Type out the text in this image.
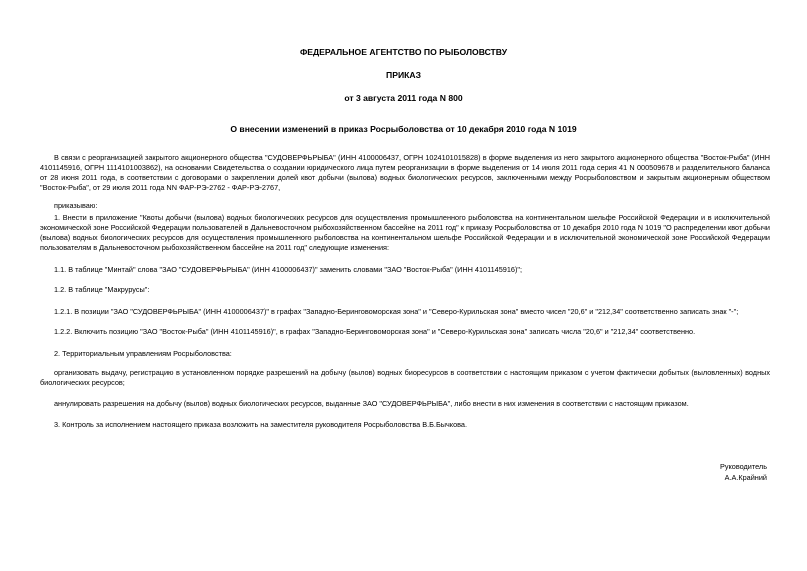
ФЕДЕРАЛЬНОЕ АГЕНТСТВО ПО РЫБОЛОВСТВУ
ПРИКАЗ
от 3 августа 2011 года N 800
О внесении изменений в приказ Росрыболовства от 10 декабря 2010 года N 1019
В связи с реорганизацией закрытого акционерного общества "СУДОВЕРФЬРЫБА" (ИНН 4100006437, ОГРН 1024101015828) в форме выделения из него закрытого акционерного общества "Восток-Рыба" (ИНН 4101145916, ОГРН 1114101003862), на основании Свидетельства о создании юридического лица путем реорганизации в форме выделения от 14 июля 2011 года серия 41 N 000509678 и разделительного баланса от 28 июня 2011 года, в соответствии с договорами о закреплении долей квот добычи (вылова) водных биологических ресурсов, заключенными между Росрыболовством и закрытым акционерным обществом "Восток-Рыба", от 29 июля 2011 года NN ФАР-РЭ-2762 - ФАР-РЭ-2767,
приказываю:
1. Внести в приложение "Квоты добычи (вылова) водных биологических ресурсов для осуществления промышленного рыболовства на континентальном шельфе Российской Федерации и в исключительной экономической зоне Российской Федерации пользователей в Дальневосточном рыбохозяйственном бассейне на 2011 год" к приказу Росрыболовства от 10 декабря 2010 года N 1019 "О распределении квот добычи (вылова) водных биологических ресурсов для осуществления промышленного рыболовства на континентальном шельфе Российской Федерации и в исключительной экономической зоне Российской Федерации пользователям в Дальневосточном рыбохозяйственном бассейне на 2011 год" следующие изменения:
1.1. В таблице "Минтай" слова "ЗАО "СУДОВЕРФЬРЫБА" (ИНН 4100006437)" заменить словами "ЗАО "Восток-Рыба" (ИНН 4101145916)";
1.2. В таблице "Макрурусы":
1.2.1. В позиции "ЗАО "СУДОВЕРФЬРЫБА" (ИНН 4100006437)" в графах "Западно-Беринговоморская зона" и "Северо-Курильская зона" вместо чисел "20,6" и "212,34" соответственно записать знак "-";
1.2.2. Включить позицию "ЗАО "Восток-Рыба" (ИНН 4101145916)", в графах "Западно-Беринговоморская зона" и "Северо-Курильская зона" записать числа "20,6" и "212,34" соответственно.
2. Территориальным управлениям Росрыболовства:
организовать выдачу, регистрацию в установленном порядке разрешений на добычу (вылов) водных биоресурсов в соответствии с настоящим приказом с учетом фактически добытых (выловленных) водных биологических ресурсов;
аннулировать разрешения на добычу (вылов) водных биологических ресурсов, выданные ЗАО "СУДОВЕРФЬРЫБА", либо внести в них изменения в соответствии с настоящим приказом.
3. Контроль за исполнением настоящего приказа возложить на заместителя руководителя Росрыболовства В.Б.Бычкова.
Руководитель
А.А.Крайний
